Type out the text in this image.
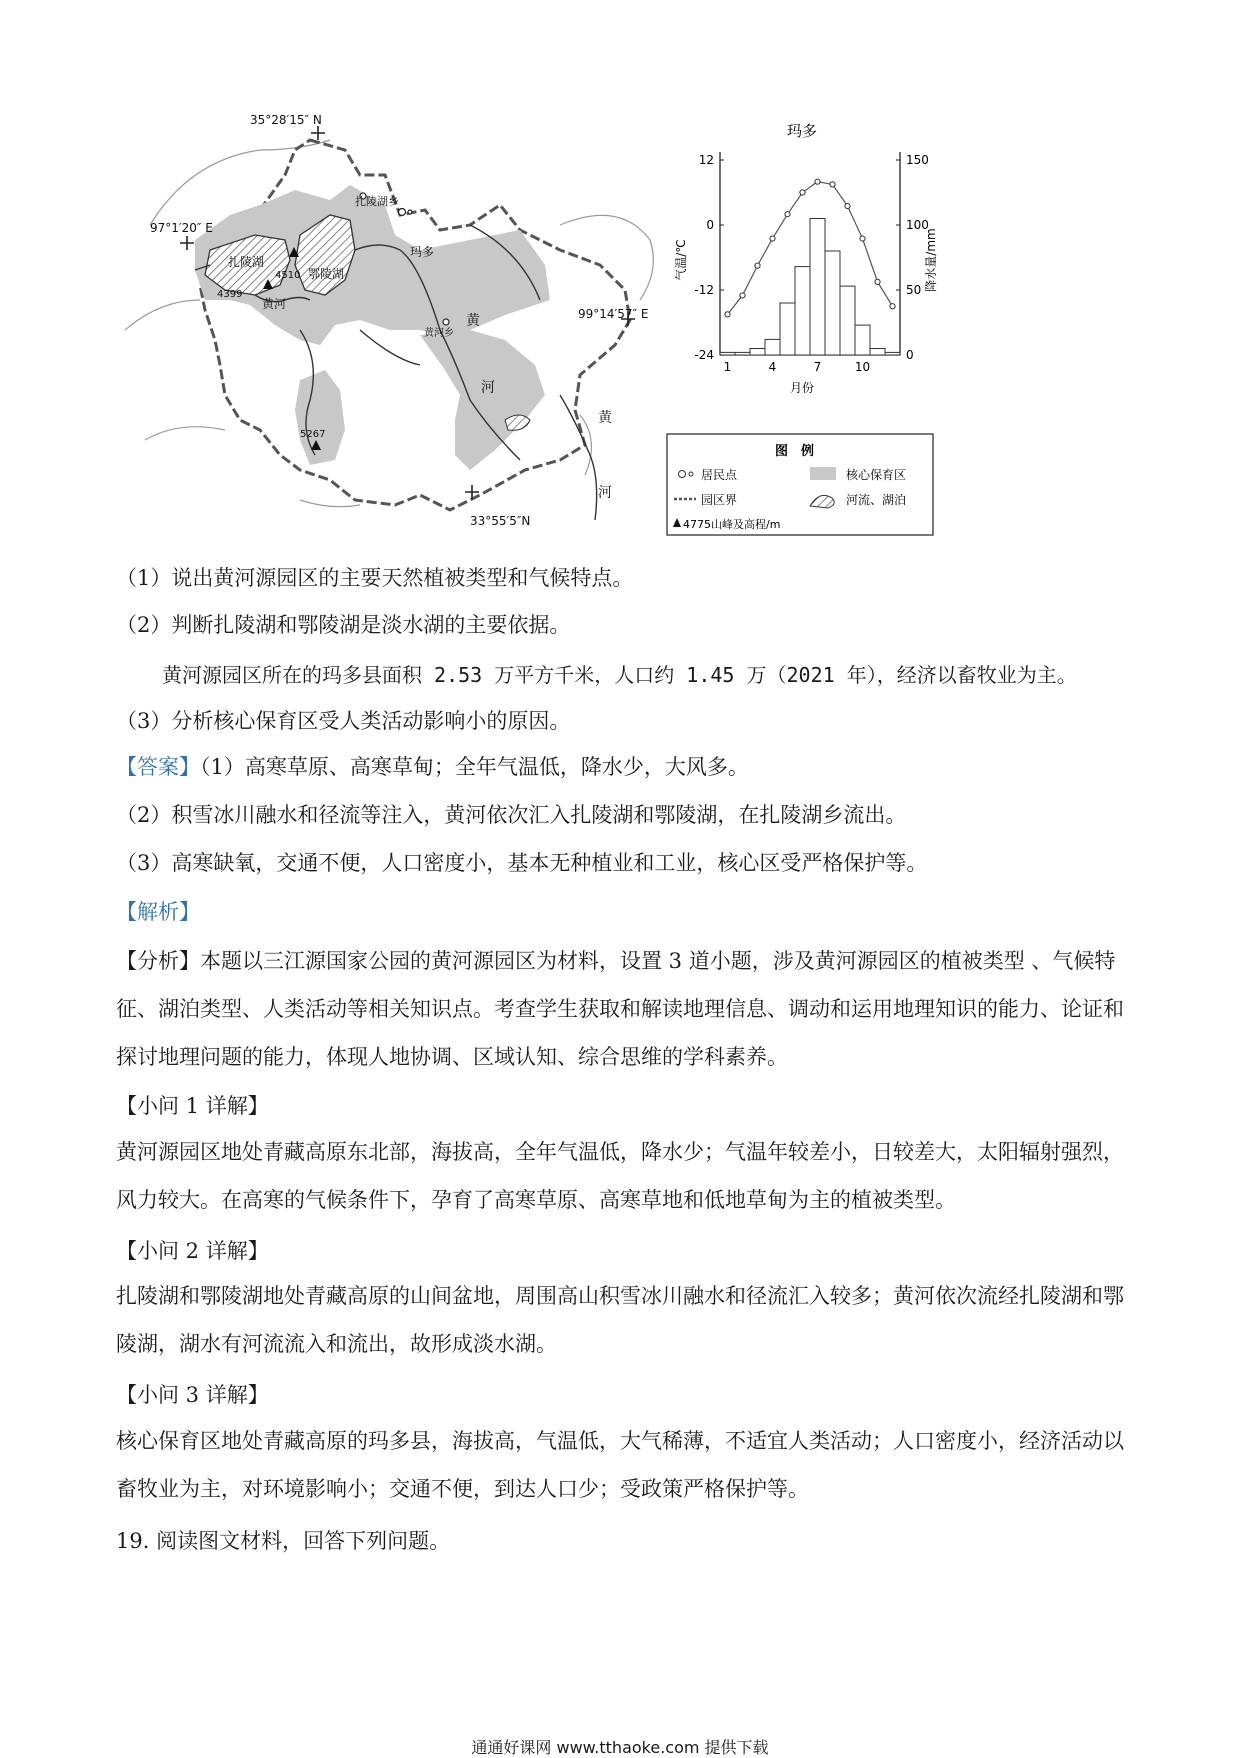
35°28′15″ N
97°1′20″ E
99°14′57″ E
33°55′5″N
扎陵湖乡
玛多
黄河乡
扎陵湖
鄂陵湖
4510
4399
5267
黄河
黄
河
黄
河
图　例
居民点	核心保育区
园区界	河流、湖泊
4775山峰及高程/m
玛多
气温/℃	降水量/mm
月份
12
0
-12
-24
150
100
50
0
1	4	7	10
（1）说出黄河源园区的主要天然植被类型和气候特点。
（2）判断扎陵湖和鄂陵湖是淡水湖的主要依据。
黄河源园区所在的玛多县面积 2.53 万平方千米，人口约 1.45 万（2021 年），经济以畜牧业为主。
（3）分析核心保育区受人类活动影响小的原因。
【答案】（1）高寒草原、高寒草甸；全年气温低，降水少，大风多。
（2）积雪冰川融水和径流等注入，黄河依次汇入扎陵湖和鄂陵湖，在扎陵湖乡流出。
（3）高寒缺氧，交通不便，人口密度小，基本无种植业和工业，核心区受严格保护等。
【解析】
【分析】本题以三江源国家公园的黄河源园区为材料，设置 3 道小题，涉及黄河源园区的植被类型 、气候特征、湖泊类型、人类活动等相关知识点。考查学生获取和解读地理信息、调动和运用地理知识的能力、论证和探讨地理问题的能力，体现人地协调、区域认知、综合思维的学科素养。
【小问 1 详解】
黄河源园区地处青藏高原东北部，海拔高，全年气温低，降水少；气温年较差小，日较差大，太阳辐射强烈，风力较大。在高寒的气候条件下，孕育了高寒草原、高寒草地和低地草甸为主的植被类型。
【小问 2 详解】
扎陵湖和鄂陵湖地处青藏高原的山间盆地，周围高山积雪冰川融水和径流汇入较多；黄河依次流经扎陵湖和鄂陵湖，湖水有河流流入和流出，故形成淡水湖。
【小问 3 详解】
核心保育区地处青藏高原的玛多县，海拔高，气温低，大气稀薄，不适宜人类活动；人口密度小，经济活动以畜牧业为主，对环境影响小；交通不便，到达人口少；受政策严格保护等。
19. 阅读图文材料，回答下列问题。
通通好课网 www.tthaoke.com 提供下载
